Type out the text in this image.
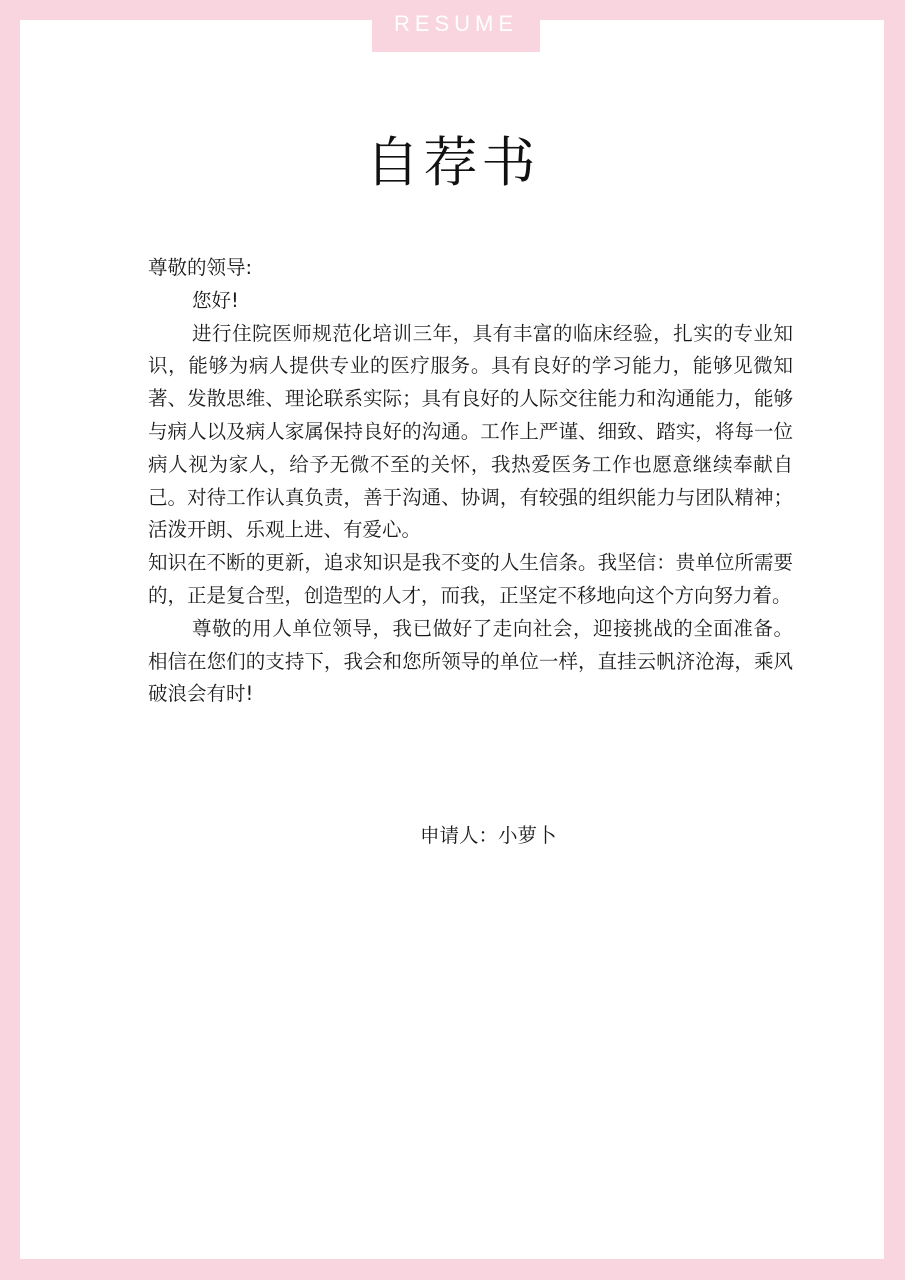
RESUME
自荐书

尊敬的领导:

您好!

进行住院医师规范化培训三年，具有丰富的临床经验，扎实的专业知识，能够为病人提供专业的医疗服务。具有良好的学习能力，能够见微知著、发散思维、理论联系实际；具有良好的人际交往能力和沟通能力，能够与病人以及病人家属保持良好的沟通。工作上严谨、细致、踏实，将每一位病人视为家人，给予无微不至的关怀，我热爱医务工作也愿意继续奉献自己。对待工作认真负责，善于沟通、协调，有较强的组织能力与团队精神；活泼开朗、乐观上进、有爱心。

知识在不断的更新，追求知识是我不变的人生信条。我坚信：贵单位所需要的，正是复合型，创造型的人才，而我，正坚定不移地向这个方向努力着。

尊敬的用人单位领导，我已做好了走向社会，迎接挑战的全面准备。相信在您们的支持下，我会和您所领导的单位一样，直挂云帆济沧海，乘风破浪会有时!

申请人：小萝卜
